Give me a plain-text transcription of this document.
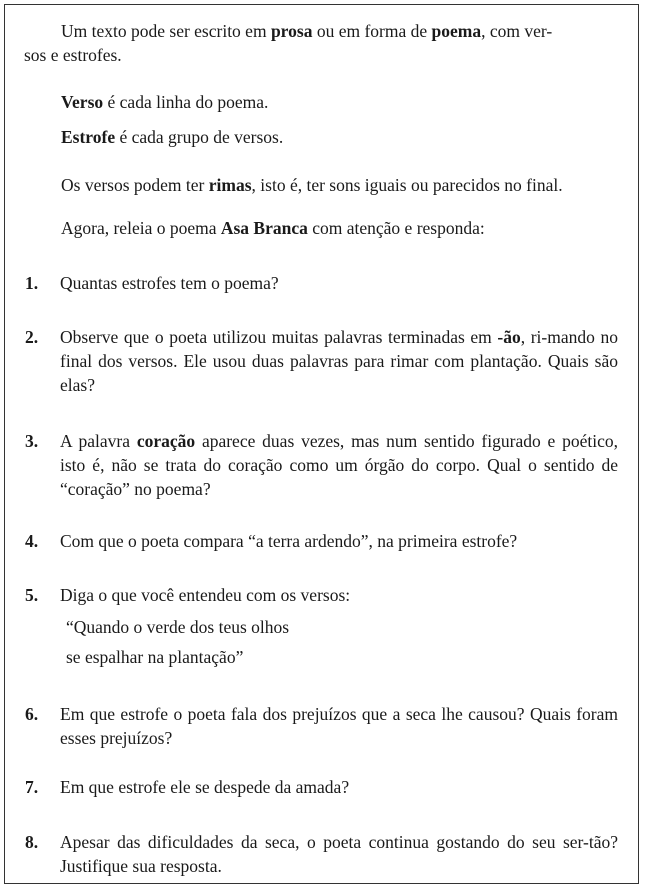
Um texto pode ser escrito em prosa ou em forma de poema, com ver-
sos e estrofes.
Verso é cada linha do poema.
Estrofe é cada grupo de versos.
Os versos podem ter rimas, isto é, ter sons iguais ou parecidos no final.
Agora, releia o poema Asa Branca com atenção e responda:
1. Quantas estrofes tem o poema?
2. Observe que o poeta utilizou muitas palavras terminadas em -ão, ri-mando no final dos versos. Ele usou duas palavras para rimar com plantação. Quais são elas?
3. A palavra coração aparece duas vezes, mas num sentido figurado e poético, isto é, não se trata do coração como um órgão do corpo. Qual o sentido de “coração” no poema?
4. Com que o poeta compara “a terra ardendo”, na primeira estrofe?
5. Diga o que você entendeu com os versos:
“Quando o verde dos teus olhos
se espalhar na plantação”
6. Em que estrofe o poeta fala dos prejuízos que a seca lhe causou? Quais foram esses prejuízos?
7. Em que estrofe ele se despede da amada?
8. Apesar das dificuldades da seca, o poeta continua gostando do seu ser-tão? Justifique sua resposta.
